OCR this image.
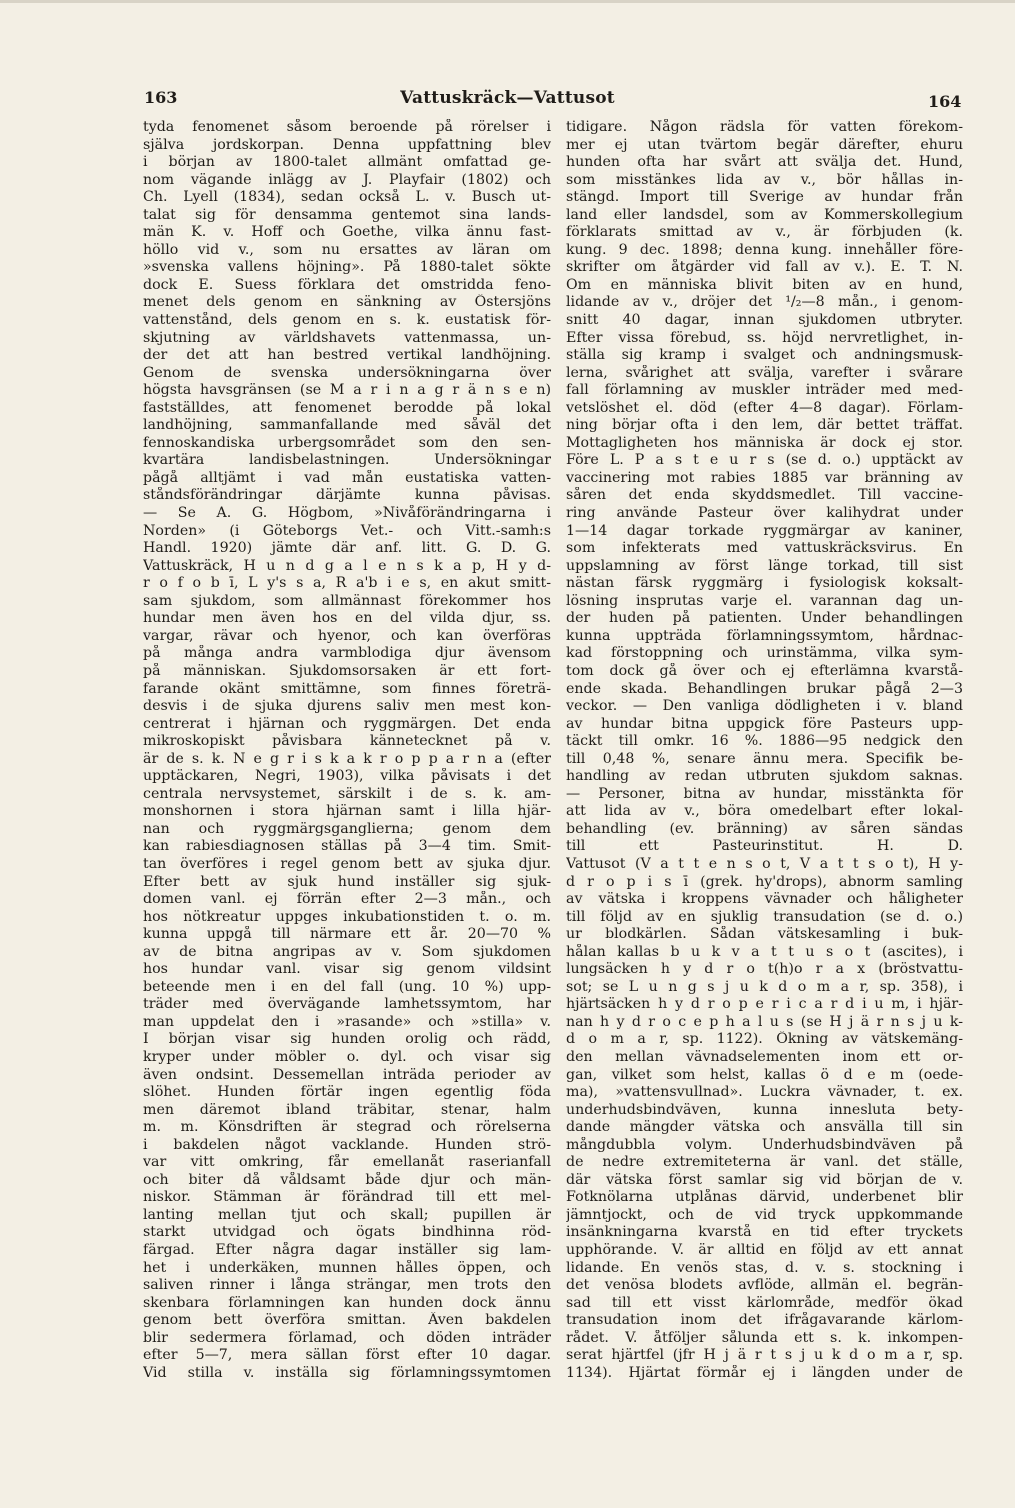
163	Vattuskräck—Vattusot	164
tyda fenomenet såsom beroende på rörelser i
själva jordskorpan. Denna uppfattning blev
i början av 1800-talet allmänt omfattad ge-
nom vägande inlägg av J. Playfair (1802) och
Ch. Lyell (1834), sedan också L. v. Busch ut-
talat sig för densamma gentemot sina lands-
män K. v. Hoff och Goethe, vilka ännu fast-
höllo vid v., som nu ersattes av läran om
»svenska vallens höjning». På 1880-talet sökte
dock E. Suess förklara det omstridda feno-
menet dels genom en sänkning av Östersjöns
vattenstånd, dels genom en s. k. eustatisk för-
skjutning av världshavets vattenmassa, un-
der det att han bestred vertikal landhöjning.
Genom de svenska undersökningarna över
högsta havsgränsen (se M a r i n a g r ä n s e n)
fastställdes, att fenomenet berodde på lokal
landhöjning, sammanfallande med såväl det
fennoskandiska urbergsområdet som den sen-
kvartära landisbelastningen. Undersökningar
pågå alltjämt i vad mån eustatiska vatten-
ståndsförändringar därjämte kunna påvisas.
— Se A. G. Högbom, »Nivåförändringarna i
Norden» (i Göteborgs Vet.- och Vitt.-samh:s
Handl. 1920) jämte där anf. litt. G. D. G.
Vattuskräck, H u n d g a l e n s k a p, H y d-
r o f o b ī, L y's s a, R a'b i e s, en akut smitt-
sam sjukdom, som allmännast förekommer hos
hundar men även hos en del vilda djur, ss.
vargar, rävar och hyenor, och kan överföras
på många andra varmblodiga djur ävensom
på människan. Sjukdomsorsaken är ett fort-
farande okänt smittämne, som finnes företrä-
desvis i de sjuka djurens saliv men mest kon-
centrerat i hjärnan och ryggmärgen. Det enda
mikroskopiskt påvisbara kännetecknet på v.
är de s. k. N e g r i s k a k r o p p a r n a (efter
upptäckaren, Negri, 1903), vilka påvisats i det
centrala nervsystemet, särskilt i de s. k. am-
monshornen i stora hjärnan samt i lilla hjär-
nan och ryggmärgsganglierna; genom dem
kan rabiesdiagnosen ställas på 3—4 tim. Smit-
tan överföres i regel genom bett av sjuka djur.
Efter bett av sjuk hund inställer sig sjuk-
domen vanl. ej förrän efter 2—3 mån., och
hos nötkreatur uppges inkubationstiden t. o. m.
kunna uppgå till närmare ett år. 20—70 %
av de bitna angripas av v. Som sjukdomen
hos hundar vanl. visar sig genom vildsint
beteende men i en del fall (ung. 10 %) upp-
träder med övervägande lamhetssymtom, har
man uppdelat den i »rasande» och »stilla» v.
I början visar sig hunden orolig och rädd,
kryper under möbler o. dyl. och visar sig
även ondsint. Dessemellan inträda perioder av
slöhet. Hunden förtär ingen egentlig föda
men däremot ibland träbitar, stenar, halm
m. m. Könsdriften är stegrad och rörelserna
i bakdelen något vacklande. Hunden strö-
var vitt omkring, får emellanåt raserianfall
och biter då våldsamt både djur och män-
niskor. Stämman är förändrad till ett mel-
lanting mellan tjut och skall; pupillen är
starkt utvidgad och ögats bindhinna röd-
färgad. Efter några dagar inställer sig lam-
het i underkäken, munnen hålles öppen, och
saliven rinner i långa strängar, men trots den
skenbara förlamningen kan hunden dock ännu
genom bett överföra smittan. Även bakdelen
blir sedermera förlamad, och döden inträder
efter 5—7, mera sällan först efter 10 dagar.
Vid stilla v. inställa sig förlamningssymtomen
tidigare. Någon rädsla för vatten förekom-
mer ej utan tvärtom begär därefter, ehuru
hunden ofta har svårt att svälja det. Hund,
som misstänkes lida av v., bör hållas in-
stängd. Import till Sverige av hundar från
land eller landsdel, som av Kommerskollegium
förklarats smittad av v., är förbjuden (k.
kung. 9 dec. 1898; denna kung. innehåller före-
skrifter om åtgärder vid fall av v.). E. T. N.
Om en människa blivit biten av en hund,
lidande av v., dröjer det ¹/₂—8 mån., i genom-
snitt 40 dagar, innan sjukdomen utbryter.
Efter vissa förebud, ss. höjd nervretlighet, in-
ställa sig kramp i svalget och andningsmusk-
lerna, svårighet att svälja, varefter i svårare
fall förlamning av muskler inträder med med-
vetslöshet el. död (efter 4—8 dagar). Förlam-
ning börjar ofta i den lem, där bettet träffat.
Mottagligheten hos människa är dock ej stor.
Före L. P a s t e u r s (se d. o.) upptäckt av
vaccinering mot rabies 1885 var bränning av
såren det enda skyddsmedlet. Till vaccine-
ring använde Pasteur över kalihydrat under
1—14 dagar torkade ryggmärgar av kaniner,
som infekterats med vattuskräcksvirus. En
uppslamning av först länge torkad, till sist
nästan färsk ryggmärg i fysiologisk koksalt-
lösning insprutas varje el. varannan dag un-
der huden på patienten. Under behandlingen
kunna uppträda förlamningssymtom, hårdnac-
kad förstoppning och urinstämma, vilka sym-
tom dock gå över och ej efterlämna kvarstå-
ende skada. Behandlingen brukar pågå 2—3
veckor. — Den vanliga dödligheten i v. bland
av hundar bitna uppgick före Pasteurs upp-
täckt till omkr. 16 %. 1886—95 nedgick den
till 0,48 %, senare ännu mera. Specifik be-
handling av redan utbruten sjukdom saknas.
— Personer, bitna av hundar, misstänkta för
att lida av v., böra omedelbart efter lokal-
behandling (ev. bränning) av såren sändas
till ett Pasteurinstitut. H. D.
Vattusot (V a t t e n s o t, V a t t s o t), H y-
d r o p i s ī (grek. hy'drops), abnorm samling
av vätska i kroppens vävnader och håligheter
till följd av en sjuklig transudation (se d. o.)
ur blodkärlen. Sådan vätskesamling i buk-
hålan kallas b u k v a t t u s o t (ascites), i
lungsäcken h y d r o t(h)o r a x (bröstvattu-
sot; se L u n g s j u k d o m a r, sp. 358), i
hjärtsäcken h y d r o p e r i c a r d i u m, i hjär-
nan h y d r o c e p h a l u s (se H j ä r n s j u k-
d o m a r, sp. 1122). Ökning av vätskemäng-
den mellan vävnadselementen inom ett or-
gan, vilket som helst, kallas ö d e m (oede-
ma), »vattensvullnad». Luckra vävnader, t. ex.
underhudsbindväven, kunna innesluta bety-
dande mängder vätska och ansvälla till sin
mångdubbla volym. Underhudsbindväven på
de nedre extremiteterna är vanl. det ställe,
där vätska först samlar sig vid början de v.
Fotknölarna utplånas därvid, underbenet blir
jämntjockt, och de vid tryck uppkommande
insänkningarna kvarstå en tid efter tryckets
upphörande. V. är alltid en följd av ett annat
lidande. En venös stas, d. v. s. stockning i
det venösa blodets avflöde, allmän el. begrän-
sad till ett visst kärlområde, medför ökad
transudation inom det ifrågavarande kärlom-
rådet. V. åtföljer sålunda ett s. k. inkompen-
serat hjärtfel (jfr H j ä r t s j u k d o m a r, sp.
1134). Hjärtat förmår ej i längden under de
